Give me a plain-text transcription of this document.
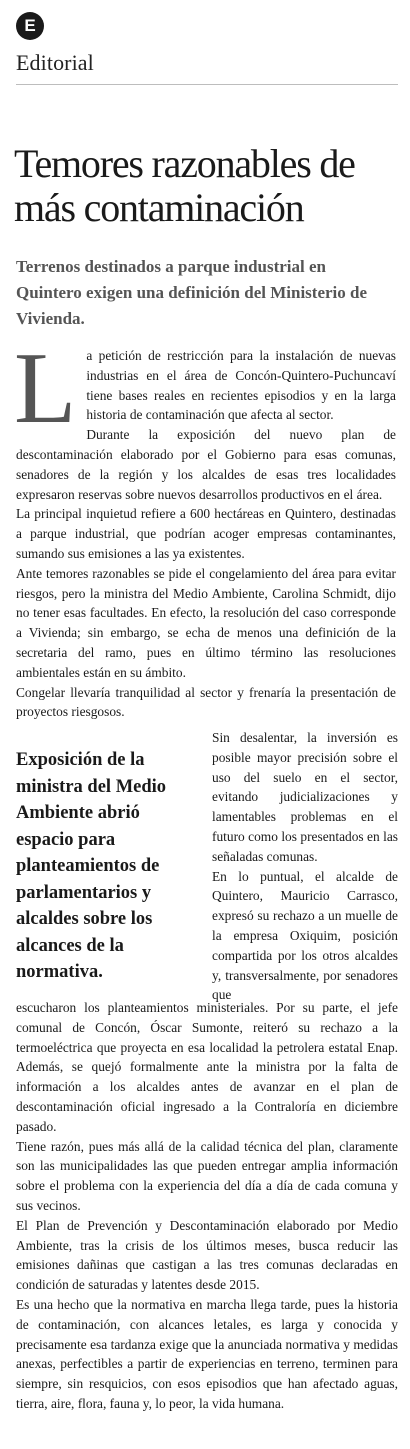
E
Editorial
Temores razonables de más contaminación
Terrenos destinados a parque industrial en Quintero exigen una definición del Ministerio de Vivienda.

La petición de restricción para la instalación de nuevas industrias en el área de Concón-Quintero-Puchuncaví tiene bases reales en recientes episodios y en la larga historia de contaminación que afecta al sector.

Durante la exposición del nuevo plan de descontaminación elaborado por el Gobierno para esas comunas, senadores de la región y los alcaldes de esas tres localidades expresaron reservas sobre nuevos desarrollos productivos en el área.

La principal inquietud refiere a 600 hectáreas en Quintero, destinadas a parque industrial, que podrían acoger empresas contaminantes, sumando sus emisiones a las ya existentes.

Ante temores razonables se pide el congelamiento del área para evitar riesgos, pero la ministra del Medio Ambiente, Carolina Schmidt, dijo no tener esas facultades. En efecto, la resolución del caso corresponde a Vivienda; sin embargo, se echa de menos una definición de la secretaria del ramo, pues en último término las resoluciones ambientales están en su ámbito.

Congelar llevaría tranquilidad al sector y frenaría la presentación de proyectos riesgosos.

Exposición de la ministra del Medio Ambiente abrió espacio para planteamientos de parlamentarios y alcaldes sobre los alcances de la normativa.

Sin desalentar, la inversión es posible mayor precisión sobre el uso del suelo en el sector, evitando judicializaciones y lamentables problemas en el futuro como los presentados en las señaladas comunas.

En lo puntual, el alcalde de Quintero, Mauricio Carrasco, expresó su rechazo a un muelle de la empresa Oxiquim, posición compartida por los otros alcaldes y, transversalmente, por senadores que

escucharon los planteamientos ministeriales. Por su parte, el jefe comunal de Concón, Óscar Sumonte, reiteró su rechazo a la termoeléctrica que proyecta en esa localidad la petrolera estatal Enap. Además, se quejó formalmente ante la ministra por la falta de información a los alcaldes antes de avanzar en el plan de descontaminación oficial ingresado a la Contraloría en diciembre pasado.

Tiene razón, pues más allá de la calidad técnica del plan, claramente son las municipalidades las que pueden entregar amplia información sobre el problema con la experiencia del día a día de cada comuna y sus vecinos.

El Plan de Prevención y Descontaminación elaborado por Medio Ambiente, tras la crisis de los últimos meses, busca reducir las emisiones dañinas que castigan a las tres comunas declaradas en condición de saturadas y latentes desde 2015.

Es una hecho que la normativa en marcha llega tarde, pues la historia de contaminación, con alcances letales, es larga y conocida y precisamente esa tardanza exige que la anunciada normativa y medidas anexas, perfectibles a partir de experiencias en terreno, terminen para siempre, sin resquicios, con esos episodios que han afectado aguas, tierra, aire, flora, fauna y, lo peor, la vida humana.
